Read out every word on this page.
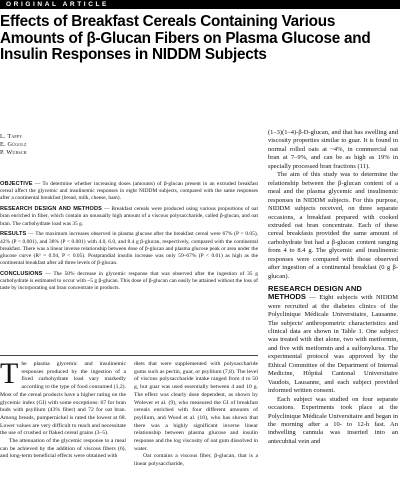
ORIGINAL ARTICLE
Effects of Breakfast Cereals Containing Various Amounts of β-Glucan Fibers on Plasma Glucose and Insulin Responses in NIDDM Subjects
L. Tappy
E. Gügolz
P. Würsch

OBJECTIVE — To determine whether increasing doses (amounts) of β-glucan present in an extruded breakfast cereal affect the glycemic and insulinemic responses in eight NIDDM subjects, compared with the same responses after a continental breakfast (bread, milk, cheese, ham).

RESEARCH DESIGN AND METHODS — Breakfast cereals were produced using various proportions of oat bran enriched in fiber, which contain an unusually high amount of a viscous polysaccharide, called β-glucan, and oat bran. The carbohydrate load was 35 g.

RESULTS — The maximum increases observed in plasma glucose after the breakfast cereal were 67% (P < 0.05), 42% (P < 0.001), and 38% (P < 0.001) with 4.0, 6.0, and 8.4 g β-glucan, respectively, compared with the continental breakfast. There was a linear inverse relationship between dose of β-glucan and plasma glucose peak or area under the glucose curve (R² = 0.94, P < 0.05). Postprandial insulin increase was only 59–67% (P < 0.01) as high as the continental breakfast after all three levels of β-glucan.

CONCLUSIONS — The 50% decrease in glycemic response that was observed after the ingestion of 35 g carbohydrate is estimated to occur with ~5 g β-glucan. This dose of β-glucan can easily be attained without the loss of taste by incorporating oat bran concentrate in products.

The plasma glycemic and insulinemic responses produced by the ingestion of a fixed carbohydrate load vary markedly according to the type of food consumed (1,2). Most of the cereal products have a higher rating on the glycemic index (GI) with some exceptions: 67 for bran buds with psyllium (43% fiber) and 72 for oat bran. Among breads, pumpernickel is rated the lowest at 68. Lower values are very difficult to reach and necessitate the use of crushed or flaked cereal grains (3–5).

The attenuation of the glycemic response to a meal can be achieved by the addition of viscous fibers (6), and long-term beneficial effects were obtained with

diets that were supplemented with polysaccharide gums such as pectin, guar, or psyllium (7,8). The level of viscous polysaccharide intake ranged from 4 to 50 g, but guar was used essentially between 4 and 10 g. The effect was clearly dose dependent, as shown by Wolever et al. (9), who measured the GI of breakfast cereals enriched with four different amounts of psyllium, and Wood et al. (10), who has shown that there was a highly significant inverse linear relationship between plasma glucose and insulin response and the log viscosity of oat gum dissolved in water.

Oat contains a viscous fiber, β-glucan, that is a linear polysaccharide,

(1–3)(1–4)-β-D-glucan, and that has swelling and viscosity properties similar to guar. It is found in normal rolled oats at ~4%, in commercial oat bran at 7–9%, and can be as high as 19% in specially processed bran fractions (11).

The aim of this study was to determine the relationship between the β-glucan content of a meal and the plasma glycemic and insulinemic responses in NIDDM subjects. For this purpose, NIDDM subjects received, on three separate occasions, a breakfast prepared with cooked extruded oat bran concentrate. Each of these cereal breakfasts provided the same amount of carbohydrate but had a β-glucan content ranging from 4 to 8.4 g. The glycemic and insulinemic responses were compared with those observed after ingestion of a continental breakfast (0 g β-glucan).

RESEARCH DESIGN AND

METHODS — Eight subjects with NIDDM were recruited at the diabetes clinics of the Polyclinique Médicale Universitaire, Lausanne. The subjects' anthropometric characteristics and clinical data are shown in Table 1. One subject was treated with diet alone, two with metformin, and five with metformin and a sulfonylurea. The experimental protocol was approved by the Ethical Committee of the Department of Internal Medicine, Hôpital Cantonal Universitaire Vaudois, Lausanne, and each subject provided informed written consent.

Each subject was studied on four separate occasions. Experiments took place at the Polyclinique Médicale Universitaire and began in the morning after a 10- to 12-h fast. An indwelling cannula was inserted into an antecubital vein and
